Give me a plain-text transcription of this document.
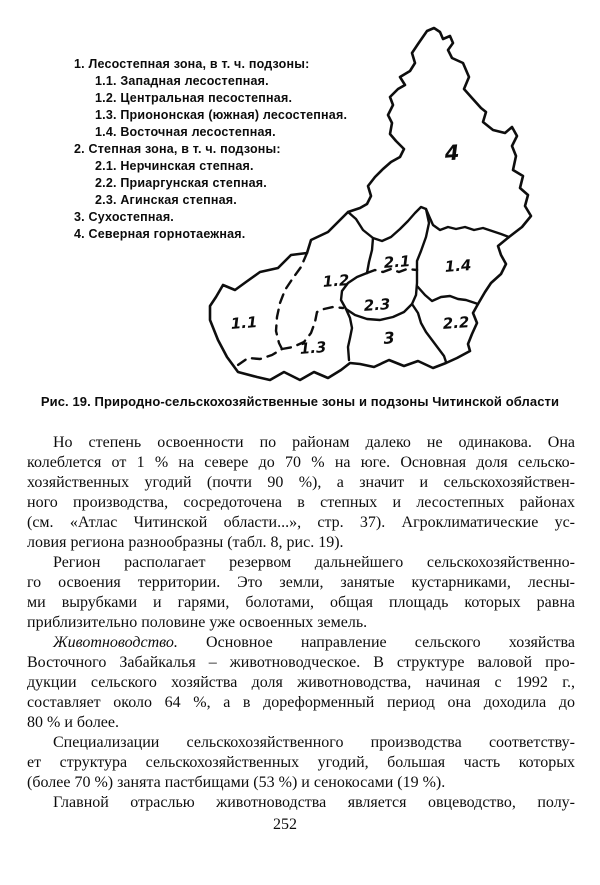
1. Лесостепная зона, в т. ч. подзоны:
1.1. Западная лесостепная.
1.2. Центральная песостепная.
1.3. Приононская (южная) лесостепная.
1.4. Восточная лесостепная.
2. Степная зона, в т. ч. подзоны:
2.1. Нерчинская степная.
2.2. Приаргунская степная.
2.3. Агинская степная.
3. Сухостепная.
4. Северная горнотаежная.
4
2.1 1.4
1.2
2.3
1.1	2.2
3
1.3
Рис. 19. Природно-сельскохозяйственные зоны и подзоны Читинской области
Но степень освоенности по районам далеко не одинакова. Она
колеблется от 1 % на севере до 70 % на юге. Основная доля сельско-
хозяйственных угодий (почти 90 %), а значит и сельскохозяйствен-
ного производства, сосредоточена в степных и лесостепных районах
(см. «Атлас Читинской области...», стр. 37). Агроклиматические ус-
ловия региона разнообразны (табл. 8, рис. 19).
Регион располагает резервом дальнейшего сельскохозяйственно-
го освоения территории. Это земли, занятые кустарниками, лесны-
ми вырубками и гарями, болотами, общая площадь которых равна
приблизительно половине уже освоенных земель.
Животноводство. Основное направление сельского хозяйства
Восточного Забайкалья – животноводческое. В структуре валовой про-
дукции сельского хозяйства доля животноводства, начиная с 1992 г.,
составляет около 64 %, а в дореформенный период она доходила до
80 % и более.
Специализации сельскохозяйственного производства соответству-
ет структура сельскохозяйственных угодий, большая часть которых
(более 70 %) занята пастбищами (53 %) и сенокосами (19 %).
Главной отраслью животноводства является овцеводство, полу-
252
